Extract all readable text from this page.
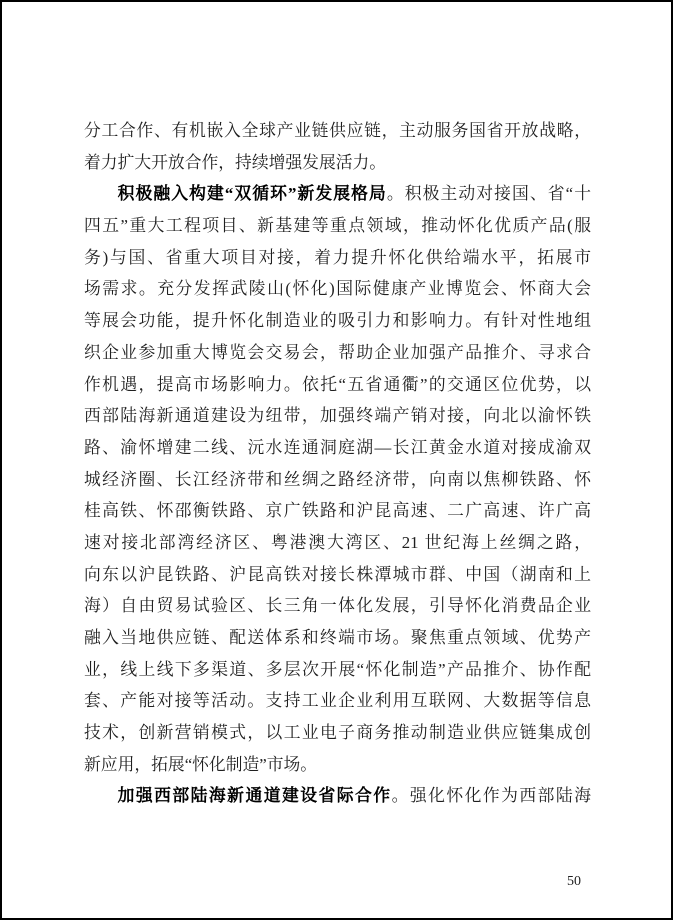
分工合作、有机嵌入全球产业链供应链，主动服务国省开放战略，
着力扩大开放合作，持续增强发展活力。
积极融入构建“双循环”新发展格局。积极主动对接国、省“十
四五”重大工程项目、新基建等重点领域，推动怀化优质产品(服
务)与国、省重大项目对接，着力提升怀化供给端水平，拓展市
场需求。充分发挥武陵山(怀化)国际健康产业博览会、怀商大会
等展会功能，提升怀化制造业的吸引力和影响力。有针对性地组
织企业参加重大博览会交易会，帮助企业加强产品推介、寻求合
作机遇，提高市场影响力。依托“五省通衢”的交通区位优势，以
西部陆海新通道建设为纽带，加强终端产销对接，向北以渝怀铁
路、渝怀增建二线、沅水连通洞庭湖—长江黄金水道对接成渝双
城经济圈、长江经济带和丝绸之路经济带，向南以焦柳铁路、怀
桂高铁、怀邵衡铁路、京广铁路和沪昆高速、二广高速、许广高
速对接北部湾经济区、粤港澳大湾区、21 世纪海上丝绸之路，
向东以沪昆铁路、沪昆高铁对接长株潭城市群、中国（湖南和上
海）自由贸易试验区、长三角一体化发展，引导怀化消费品企业
融入当地供应链、配送体系和终端市场。聚焦重点领域、优势产
业，线上线下多渠道、多层次开展“怀化制造”产品推介、协作配
套、产能对接等活动。支持工业企业利用互联网、大数据等信息
技术，创新营销模式，以工业电子商务推动制造业供应链集成创
新应用，拓展“怀化制造”市场。
加强西部陆海新通道建设省际合作。强化怀化作为西部陆海
50
